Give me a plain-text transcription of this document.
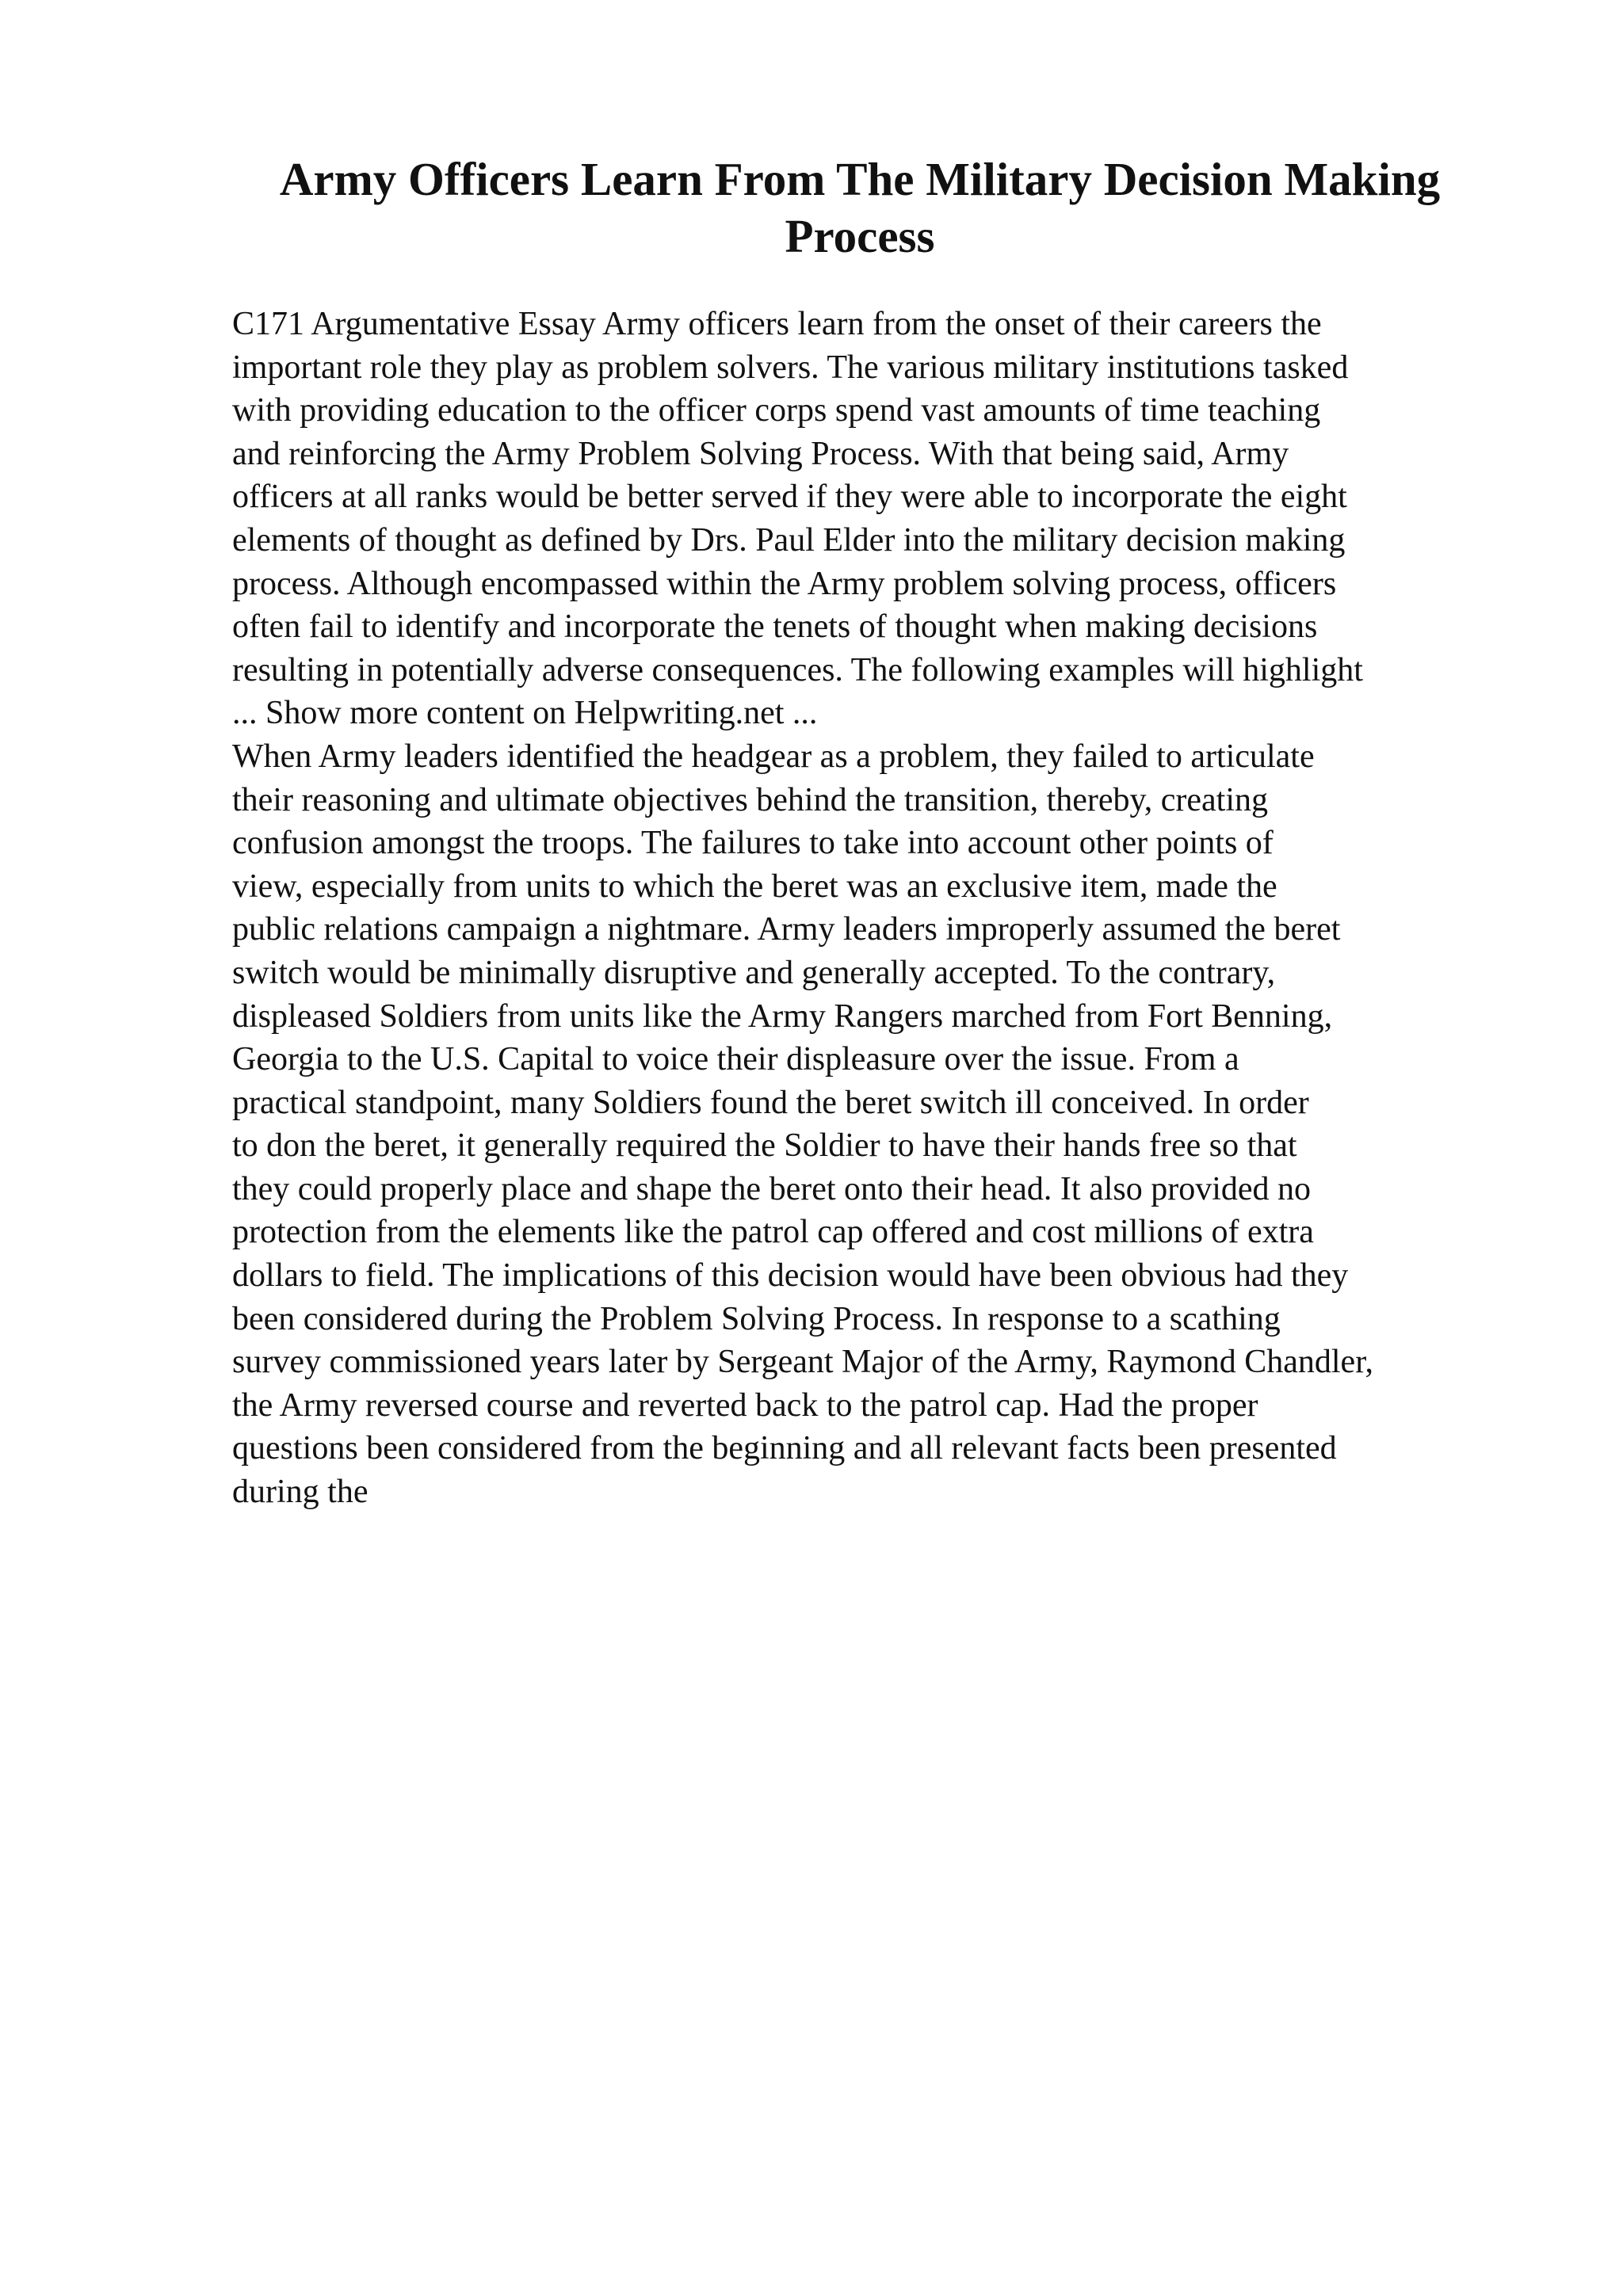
Army Officers Learn From The Military Decision Making
Process
C171 Argumentative Essay Army officers learn from the onset of their careers the
important role they play as problem solvers. The various military institutions tasked
with providing education to the officer corps spend vast amounts of time teaching
and reinforcing the Army Problem Solving Process. With that being said, Army
officers at all ranks would be better served if they were able to incorporate the eight
elements of thought as defined by Drs. Paul Elder into the military decision making
process. Although encompassed within the Army problem solving process, officers
often fail to identify and incorporate the tenets of thought when making decisions
resulting in potentially adverse consequences. The following examples will highlight
... Show more content on Helpwriting.net ...
When Army leaders identified the headgear as a problem, they failed to articulate
their reasoning and ultimate objectives behind the transition, thereby, creating
confusion amongst the troops. The failures to take into account other points of
view, especially from units to which the beret was an exclusive item, made the
public relations campaign a nightmare. Army leaders improperly assumed the beret
switch would be minimally disruptive and generally accepted. To the contrary,
displeased Soldiers from units like the Army Rangers marched from Fort Benning,
Georgia to the U.S. Capital to voice their displeasure over the issue. From a
practical standpoint, many Soldiers found the beret switch ill conceived. In order
to don the beret, it generally required the Soldier to have their hands free so that
they could properly place and shape the beret onto their head. It also provided no
protection from the elements like the patrol cap offered and cost millions of extra
dollars to field. The implications of this decision would have been obvious had they
been considered during the Problem Solving Process. In response to a scathing
survey commissioned years later by Sergeant Major of the Army, Raymond Chandler,
the Army reversed course and reverted back to the patrol cap. Had the proper
questions been considered from the beginning and all relevant facts been presented
during the
